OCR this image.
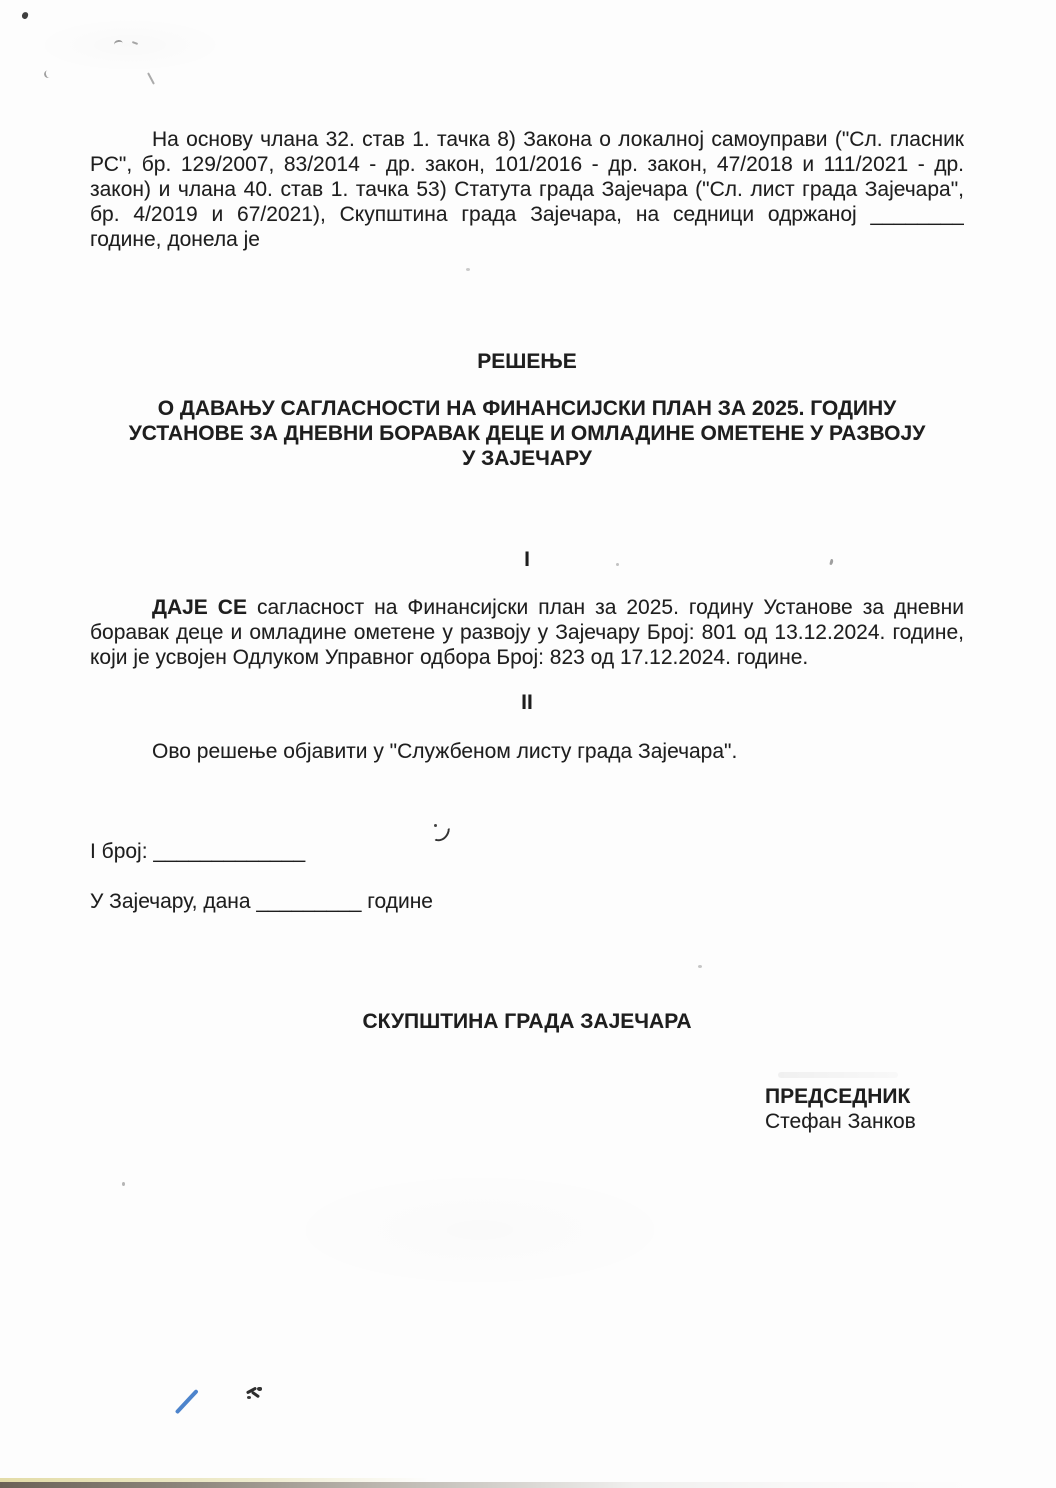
На основу члана 32. став 1. тачка 8) Закона о локалној самоуправи ("Сл. гласник
РС", бр. 129/2007, 83/2014 - др. закон, 101/2016 - др. закон, 47/2018 и 111/2021 - др.
закон) и члана 40. став 1. тачка 53) Статута града Зајечара ("Сл. лист града Зајечара",
бр. 4/2019 и 67/2021), Скупштина града Зајечара, на седници одржаној ________
године, донела је
РЕШЕЊЕ
О ДАВАЊУ САГЛАСНОСТИ НА ФИНАНСИЈСКИ ПЛАН ЗА 2025. ГОДИНУ
УСТАНОВЕ ЗА ДНЕВНИ БОРАВАК ДЕЦЕ И ОМЛАДИНЕ ОМЕТЕНЕ У РАЗВОЈУ
У ЗАЈЕЧАРУ
I
ДАЈЕ СЕ сагласност на Финансијски план за 2025. годину Установе за дневни
боравак деце и омладине ометене у развоју у Зајечару Број: 801 од 13.12.2024. године,
који је усвојен Одлуком Управног одбора Број: 823 од 17.12.2024. године.
II
Ово решење објавити у "Службеном листу града Зајечара".
I број: _____________
У Зајечару, дана _________ године
СКУПШТИНА ГРАДА ЗАЈЕЧАРА
ПРЕДСЕДНИК
Стефан Занков
